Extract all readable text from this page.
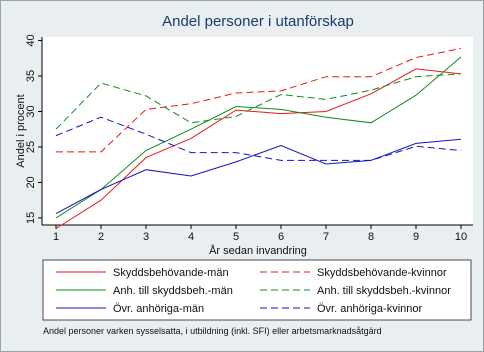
Andel personer i utanförskap
15
20
25
30
35
40
1	2	3	4	5	6	7	8	9	10
År sedan invandring
Andel i procent
Skyddsbehövande-män	Skyddsbehövande-kvinnor
Anh. till skyddsbeh.-män	Anh. till skyddsbeh.-kvinnor
Övr. anhöriga-män	Övr. anhöriga-kvinnor
Andel personer varken sysselsatta, i utbildning (inkl. SFI) eller arbetsmarknadsåtgärd
